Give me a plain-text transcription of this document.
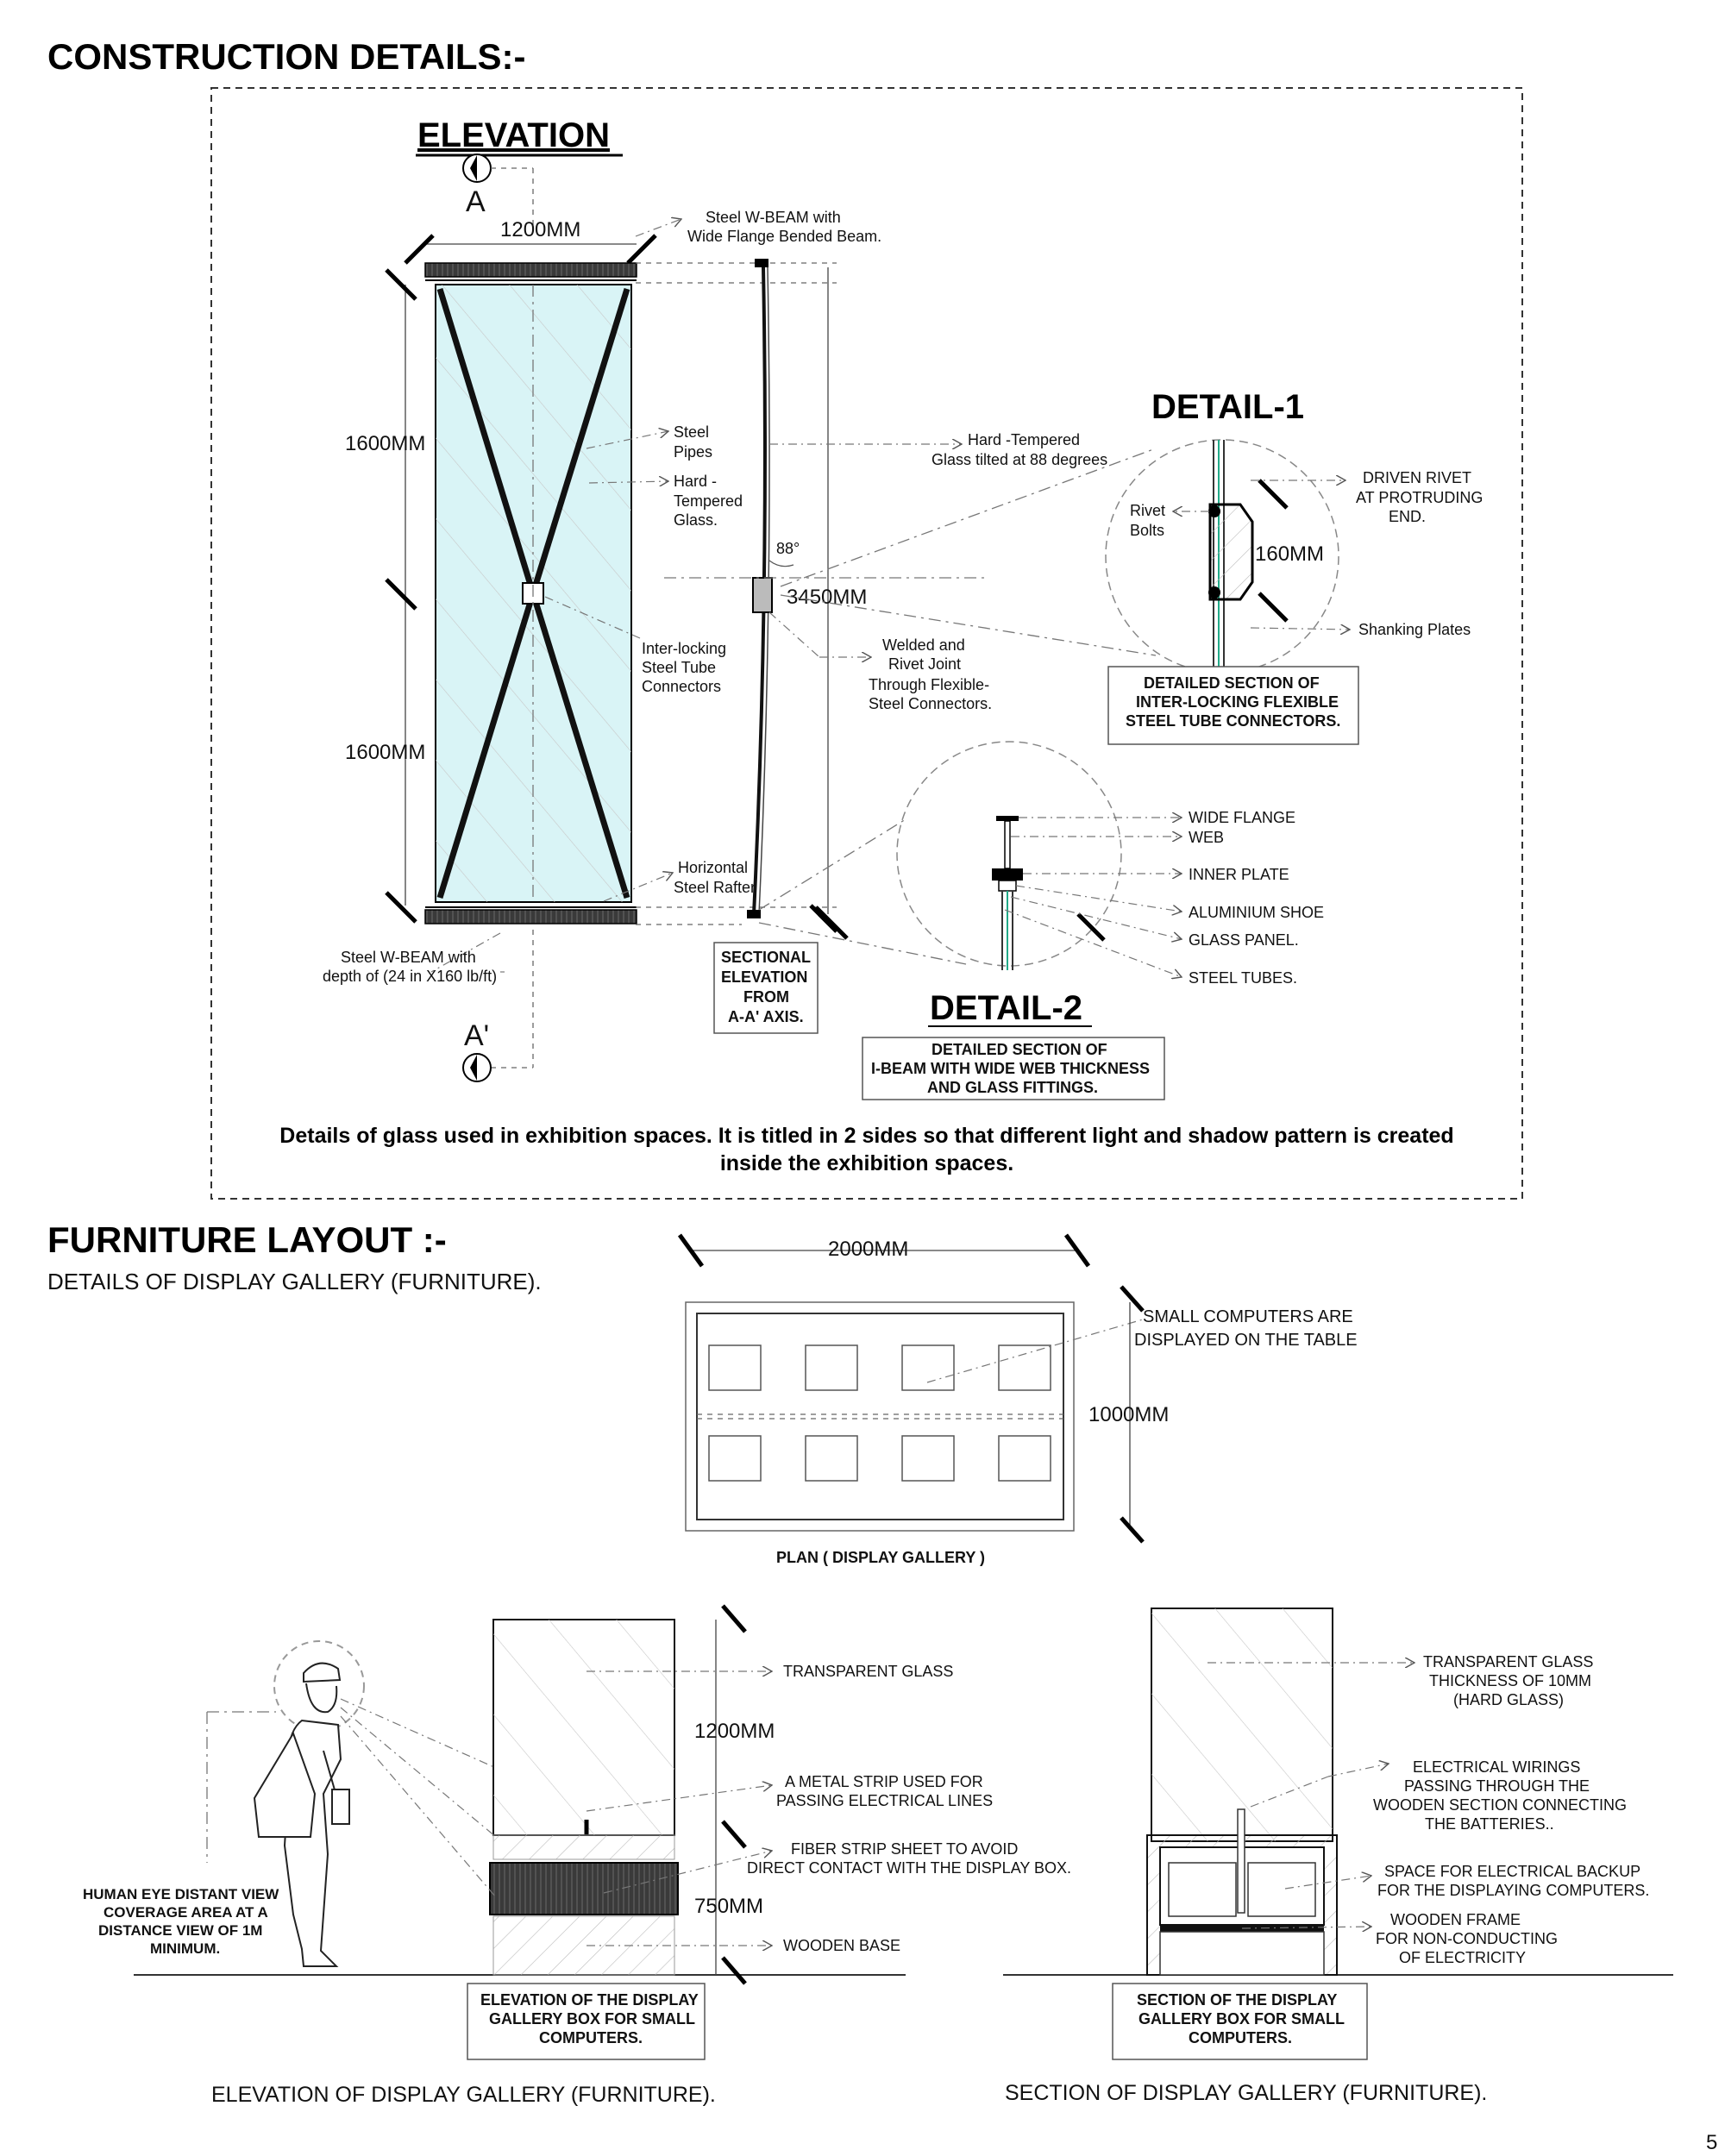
CONSTRUCTION DETAILS:-
ELEVATION
A
1200MM
1600MM
1600MM
A'
Steel W-BEAM with
Wide Flange Bended Beam.
Steel
Pipes
Hard -
Tempered
Glass.
Inter-locking
Steel Tube
Connectors
Horizontal
Steel Rafter
Steel W-BEAM with
depth of (24 in X160 lb/ft)
3450MM
88°
Hard -Tempered
Glass tilted at 88 degrees
Welded and
Rivet Joint
Through Flexible-
Steel Connectors.
SECTIONAL
ELEVATION
FROM
A-A' AXIS.
DETAIL-1
160MM
DRIVEN RIVET
AT PROTRUDING
END.
Rivet
Bolts
Shanking Plates
DETAILED SECTION OF
INTER-LOCKING FLEXIBLE
STEEL TUBE CONNECTORS.
WIDE FLANGE
WEB
INNER PLATE
ALUMINIUM SHOE
GLASS PANEL.
STEEL TUBES.
DETAIL-2
DETAILED SECTION OF
I-BEAM WITH WIDE WEB THICKNESS
AND GLASS FITTINGS.
Details of glass used in exhibition spaces. It is titled in 2 sides so that different light and shadow pattern is created
inside the exhibition spaces.
FURNITURE LAYOUT :-
DETAILS OF DISPLAY GALLERY (FURNITURE).
2000MM
SMALL COMPUTERS ARE
DISPLAYED ON THE TABLE
1000MM
PLAN ( DISPLAY GALLERY )
1200MM
750MM
TRANSPARENT GLASS
A METAL STRIP USED FOR
PASSING ELECTRICAL LINES
FIBER STRIP SHEET TO AVOID
DIRECT CONTACT WITH THE DISPLAY BOX.
WOODEN BASE
HUMAN EYE DISTANT VIEW
COVERAGE AREA AT A
DISTANCE VIEW OF 1M
MINIMUM.
ELEVATION OF THE DISPLAY
GALLERY BOX FOR SMALL
COMPUTERS.
ELEVATION OF DISPLAY GALLERY (FURNITURE).
TRANSPARENT GLASS
THICKNESS OF 10MM
(HARD GLASS)
ELECTRICAL WIRINGS
PASSING THROUGH THE
WOODEN SECTION CONNECTING
THE BATTERIES..
SPACE FOR ELECTRICAL BACKUP
FOR THE DISPLAYING COMPUTERS.
WOODEN FRAME
FOR NON-CONDUCTING
OF ELECTRICITY
SECTION OF THE DISPLAY
GALLERY BOX FOR SMALL
COMPUTERS.
SECTION OF DISPLAY GALLERY (FURNITURE).
5
